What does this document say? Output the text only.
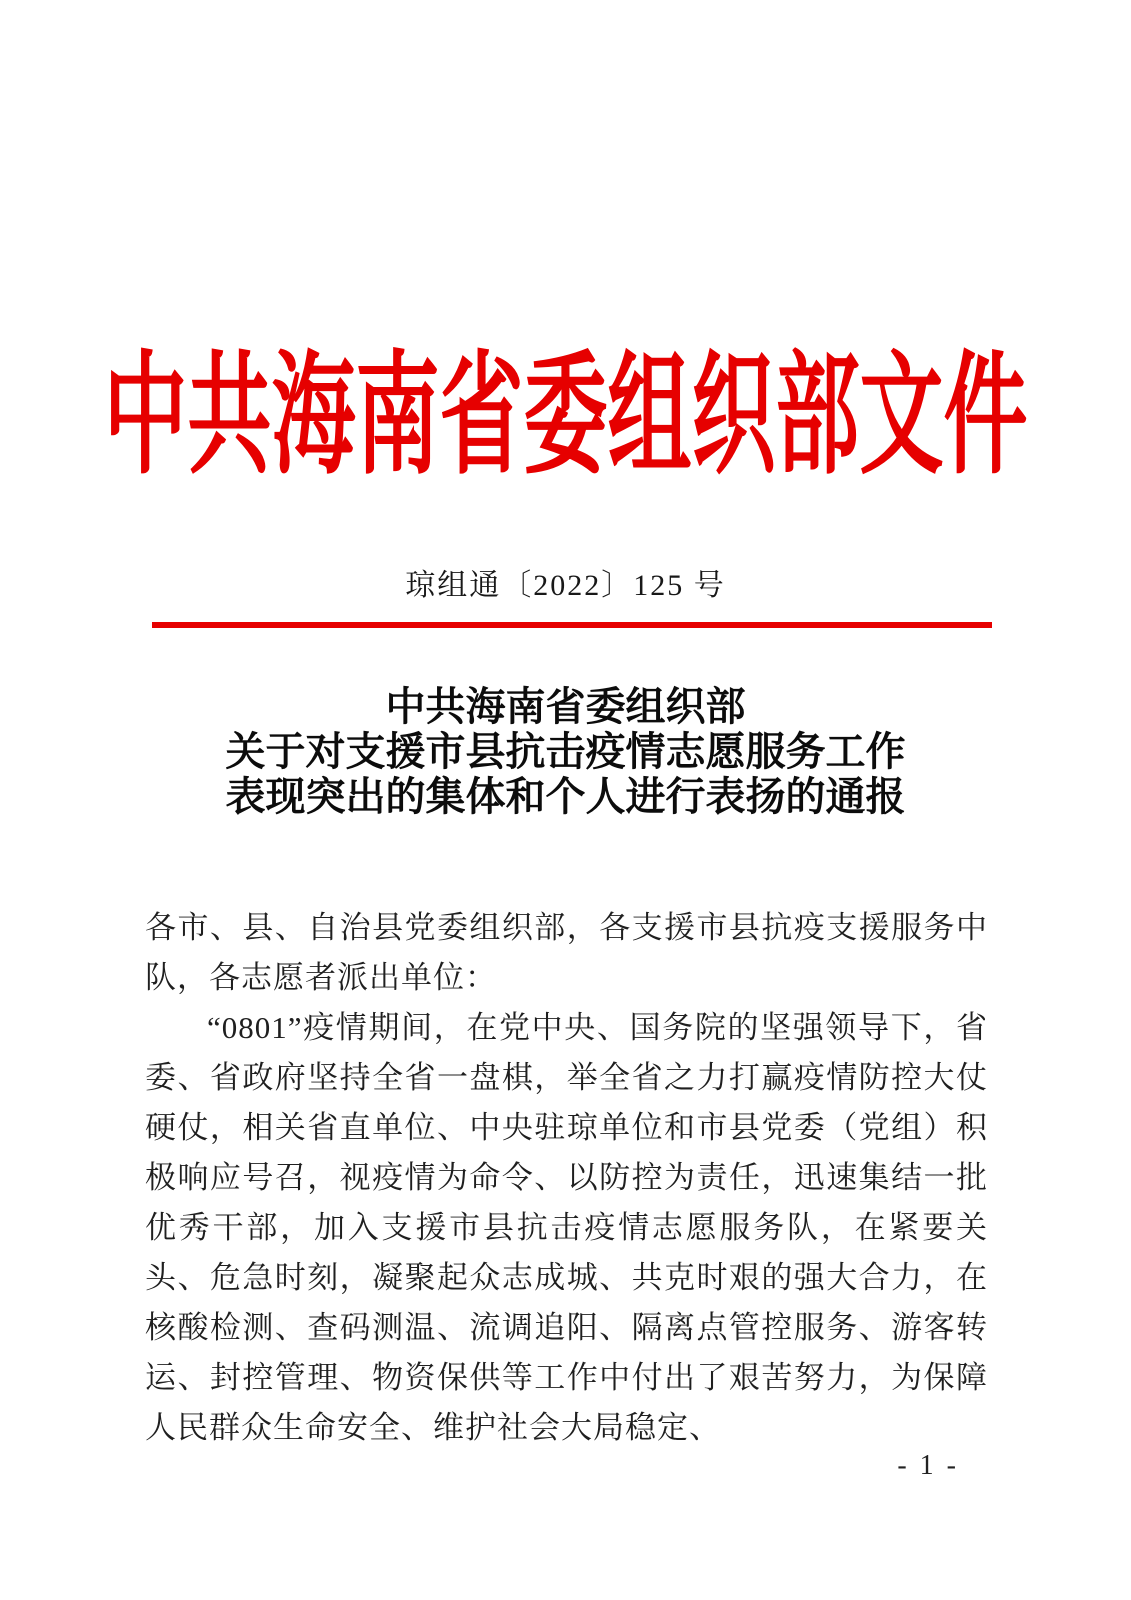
中共海南省委组织部文件
琼组通〔2022〕125 号
中共海南省委组织部
关于对支援市县抗击疫情志愿服务工作
表现突出的集体和个人进行表扬的通报
各市、县、自治县党委组织部，各支援市县抗疫支援服务中队，各志愿者派出单位：
“0801”疫情期间，在党中央、国务院的坚强领导下，省委、省政府坚持全省一盘棋，举全省之力打赢疫情防控大仗硬仗，相关省直单位、中央驻琼单位和市县党委（党组）积极响应号召，视疫情为命令、以防控为责任，迅速集结一批优秀干部，加入支援市县抗击疫情志愿服务队，在紧要关头、危急时刻，凝聚起众志成城、共克时艰的强大合力，在核酸检测、查码测温、流调追阳、隔离点管控服务、游客转运、封控管理、物资保供等工作中付出了艰苦努力，为保障人民群众生命安全、维护社会大局稳定、
- 1 -
